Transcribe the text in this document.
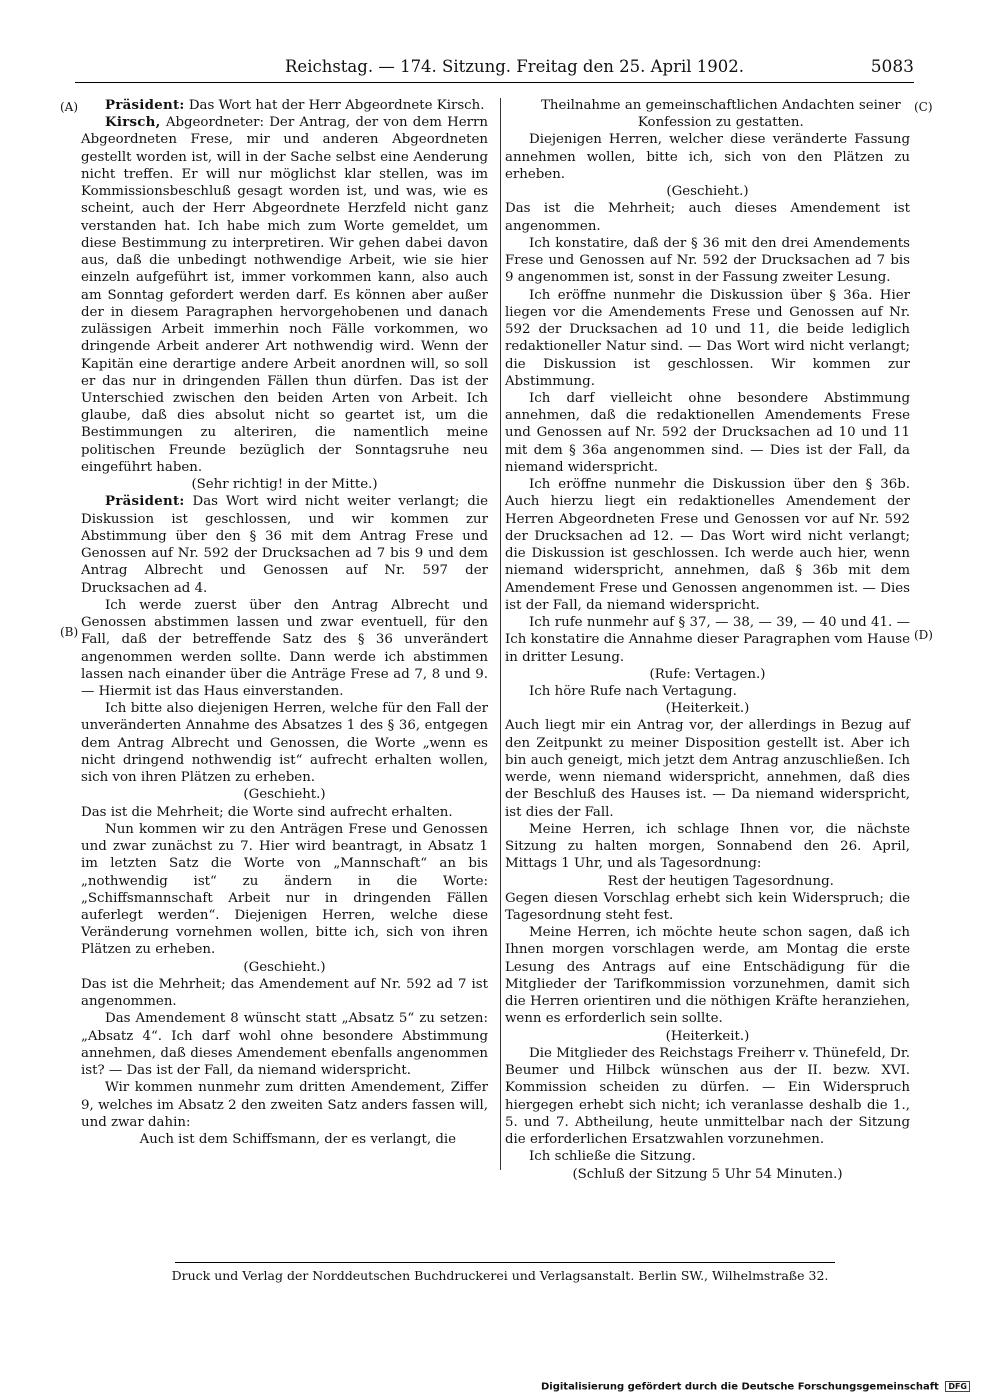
Reichstag. — 174. Sitzung. Freitag den 25. April 1902.	5083
(A)
(B)
(C)
(D)

Präsident: Das Wort hat der Herr Abgeordnete Kirsch.

Kirsch, Abgeordneter: Der Antrag, der von dem Herrn Abgeordneten Frese, mir und anderen Abgeordneten gestellt worden ist, will in der Sache selbst eine Aenderung nicht treffen. Er will nur möglichst klar stellen, was im Kommissionsbeschluß gesagt worden ist, und was, wie es scheint, auch der Herr Abgeordnete Herzfeld nicht ganz verstanden hat. Ich habe mich zum Worte gemeldet, um diese Bestimmung zu interpretiren. Wir gehen dabei davon aus, daß die unbedingt nothwendige Arbeit, wie sie hier einzeln aufgeführt ist, immer vorkommen kann, also auch am Sonntag gefordert werden darf. Es können aber außer der in diesem Paragraphen hervorgehobenen und danach zulässigen Arbeit immerhin noch Fälle vorkommen, wo dringende Arbeit anderer Art nothwendig wird. Wenn der Kapitän eine derartige andere Arbeit anordnen will, so soll er das nur in dringenden Fällen thun dürfen. Das ist der Unterschied zwischen den beiden Arten von Arbeit. Ich glaube, daß dies absolut nicht so geartet ist, um die Bestimmungen zu alteriren, die namentlich meine politischen Freunde bezüglich der Sonntagsruhe neu eingeführt haben.

(Sehr richtig! in der Mitte.)

Präsident: Das Wort wird nicht weiter verlangt; die Diskussion ist geschlossen, und wir kommen zur Abstimmung über den § 36 mit dem Antrag Frese und Genossen auf Nr. 592 der Drucksachen ad 7 bis 9 und dem Antrag Albrecht und Genossen auf Nr. 597 der Drucksachen ad 4.

Ich werde zuerst über den Antrag Albrecht und Genossen abstimmen lassen und zwar eventuell, für den Fall, daß der betreffende Satz des § 36 unverändert angenommen werden sollte. Dann werde ich abstimmen lassen nach einander über die Anträge Frese ad 7, 8 und 9. — Hiermit ist das Haus einverstanden.

Ich bitte also diejenigen Herren, welche für den Fall der unveränderten Annahme des Absatzes 1 des § 36, entgegen dem Antrag Albrecht und Genossen, die Worte „wenn es nicht dringend nothwendig ist“ aufrecht erhalten wollen, sich von ihren Plätzen zu erheben.

(Geschieht.)

Das ist die Mehrheit; die Worte sind aufrecht erhalten.

Nun kommen wir zu den Anträgen Frese und Genossen und zwar zunächst zu 7. Hier wird beantragt, in Absatz 1 im letzten Satz die Worte von „Mannschaft“ an bis „nothwendig ist“ zu ändern in die Worte: „Schiffsmannschaft Arbeit nur in dringenden Fällen auferlegt werden“. Diejenigen Herren, welche diese Veränderung vornehmen wollen, bitte ich, sich von ihren Plätzen zu erheben.

(Geschieht.)

Das ist die Mehrheit; das Amendement auf Nr. 592 ad 7 ist angenommen.

Das Amendement 8 wünscht statt „Absatz 5“ zu setzen: „Absatz 4“. Ich darf wohl ohne besondere Abstimmung annehmen, daß dieses Amendement ebenfalls angenommen ist? — Das ist der Fall, da niemand widerspricht.

Wir kommen nunmehr zum dritten Amendement, Ziffer 9, welches im Absatz 2 den zweiten Satz anders fassen will, und zwar dahin:

Auch ist dem Schiffsmann, der es verlangt, die

Theilnahme an gemeinschaftlichen Andachten seiner Konfession zu gestatten.

Diejenigen Herren, welcher diese veränderte Fassung annehmen wollen, bitte ich, sich von den Plätzen zu erheben.

(Geschieht.)

Das ist die Mehrheit; auch dieses Amendement ist angenommen.

Ich konstatire, daß der § 36 mit den drei Amendements Frese und Genossen auf Nr. 592 der Drucksachen ad 7 bis 9 angenommen ist, sonst in der Fassung zweiter Lesung.

Ich eröffne nunmehr die Diskussion über § 36a. Hier liegen vor die Amendements Frese und Genossen auf Nr. 592 der Drucksachen ad 10 und 11, die beide lediglich redaktioneller Natur sind. — Das Wort wird nicht verlangt; die Diskussion ist geschlossen. Wir kommen zur Abstimmung.

Ich darf vielleicht ohne besondere Abstimmung annehmen, daß die redaktionellen Amendements Frese und Genossen auf Nr. 592 der Drucksachen ad 10 und 11 mit dem § 36a angenommen sind. — Dies ist der Fall, da niemand widerspricht.

Ich eröffne nunmehr die Diskussion über den § 36b. Auch hierzu liegt ein redaktionelles Amendement der Herren Abgeordneten Frese und Genossen vor auf Nr. 592 der Drucksachen ad 12. — Das Wort wird nicht verlangt; die Diskussion ist geschlossen. Ich werde auch hier, wenn niemand widerspricht, annehmen, daß § 36b mit dem Amendement Frese und Genossen angenommen ist. — Dies ist der Fall, da niemand widerspricht.

Ich rufe nunmehr auf § 37, — 38, — 39, — 40 und 41. — Ich konstatire die Annahme dieser Paragraphen vom Hause in dritter Lesung.

(Rufe: Vertagen.)

Ich höre Rufe nach Vertagung.

(Heiterkeit.)

Auch liegt mir ein Antrag vor, der allerdings in Bezug auf den Zeitpunkt zu meiner Disposition gestellt ist. Aber ich bin auch geneigt, mich jetzt dem Antrag anzuschließen. Ich werde, wenn niemand widerspricht, annehmen, daß dies der Beschluß des Hauses ist. — Da niemand widerspricht, ist dies der Fall.

Meine Herren, ich schlage Ihnen vor, die nächste Sitzung zu halten morgen, Sonnabend den 26. April, Mittags 1 Uhr, und als Tagesordnung:

Rest der heutigen Tagesordnung.

Gegen diesen Vorschlag erhebt sich kein Widerspruch; die Tagesordnung steht fest.

Meine Herren, ich möchte heute schon sagen, daß ich Ihnen morgen vorschlagen werde, am Montag die erste Lesung des Antrags auf eine Entschädigung für die Mitglieder der Tarifkommission vorzunehmen, damit sich die Herren orientiren und die nöthigen Kräfte heranziehen, wenn es erforderlich sein sollte.

(Heiterkeit.)

Die Mitglieder des Reichstags Freiherr v. Thünefeld, Dr. Beumer und Hilbck wünschen aus der II. bezw. XVI. Kommission scheiden zu dürfen. — Ein Widerspruch hiergegen erhebt sich nicht; ich veranlasse deshalb die 1., 5. und 7. Abtheilung, heute unmittelbar nach der Sitzung die erforderlichen Ersatzwahlen vorzunehmen.

Ich schließe die Sitzung.

(Schluß der Sitzung 5 Uhr 54 Minuten.)

Druck und Verlag der Norddeutschen Buchdruckerei und Verlagsanstalt. Berlin SW., Wilhelmstraße 32.
Digitalisierung gefördert durch die Deutsche Forschungsgemeinschaft DFG
